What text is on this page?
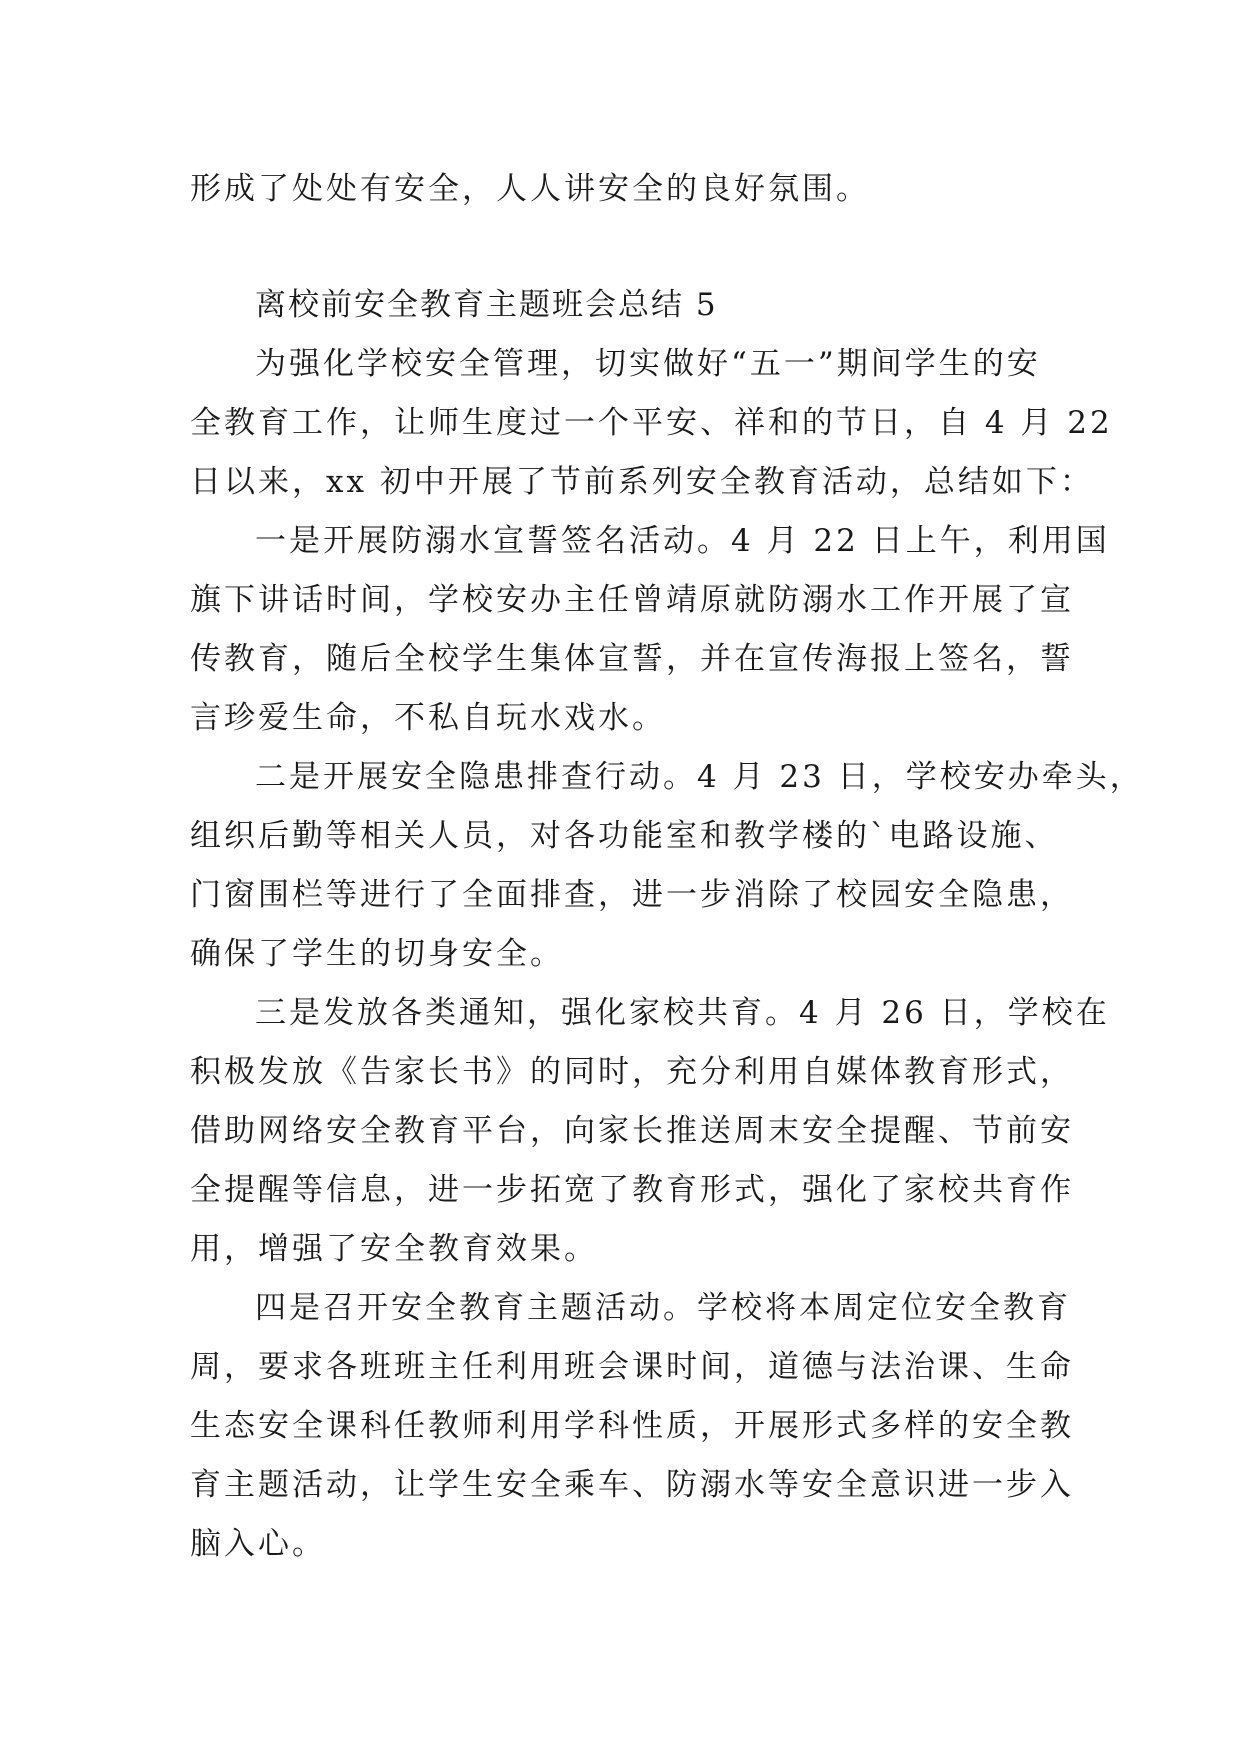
形成了处处有安全，人人讲安全的良好氛围。
离校前安全教育主题班会总结 5
为强化学校安全管理，切实做好“五一”期间学生的安
全教育工作，让师生度过一个平安、祥和的节日，自 4 月 22
日以来，xx 初中开展了节前系列安全教育活动，总结如下：
一是开展防溺水宣誓签名活动。4 月 22 日上午，利用国
旗下讲话时间，学校安办主任曾靖原就防溺水工作开展了宣
传教育，随后全校学生集体宣誓，并在宣传海报上签名，誓
言珍爱生命，不私自玩水戏水。
二是开展安全隐患排查行动。4 月 23 日，学校安办牵头，
组织后勤等相关人员，对各功能室和教学楼的`电路设施、
门窗围栏等进行了全面排查，进一步消除了校园安全隐患，
确保了学生的切身安全。
三是发放各类通知，强化家校共育。4 月 26 日，学校在
积极发放《告家长书》的同时，充分利用自媒体教育形式，
借助网络安全教育平台，向家长推送周末安全提醒、节前安
全提醒等信息，进一步拓宽了教育形式，强化了家校共育作
用，增强了安全教育效果。
四是召开安全教育主题活动。学校将本周定位安全教育
周，要求各班班主任利用班会课时间，道德与法治课、生命
生态安全课科任教师利用学科性质，开展形式多样的安全教
育主题活动，让学生安全乘车、防溺水等安全意识进一步入
脑入心。
